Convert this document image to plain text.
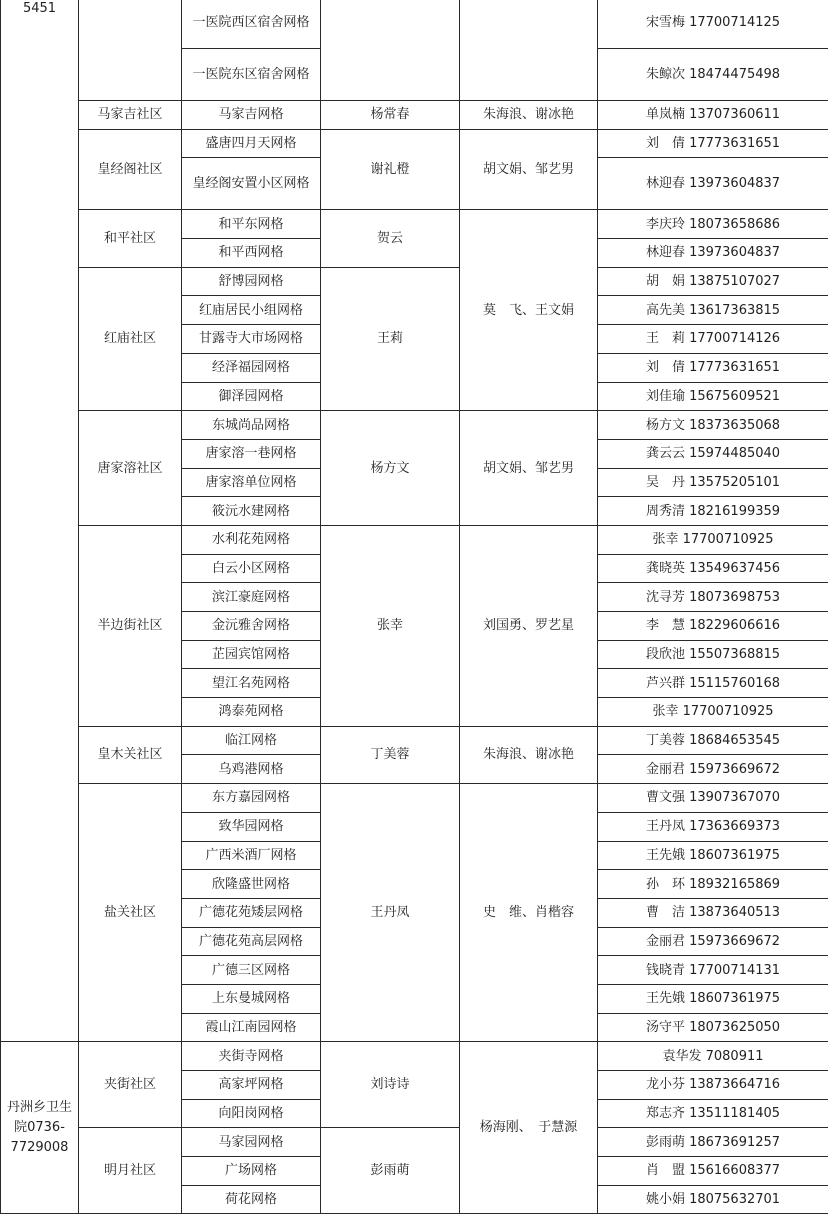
5451		一医院西区宿舍网格			宋雪梅 17700714125
		一医院东区宿舍网格			朱鲸次 18474475498
	马家吉社区	马家吉网格	杨常春	朱海浪、谢冰艳	单岚楠 13707360611
	皇经阁社区	盛唐四月天网格	谢礼橙	胡文娟、邹艺男	刘　倩 17773631651
		皇经阁安置小区网格			林迎春 13973604837
	和平社区	和平东网格	贺云	莫　飞、王文娟	李庆玲 18073658686
		和平西网格			林迎春 13973604837
	红庙社区	舒博园网格	王莉		胡　娟 13875107027
		红庙居民小组网格			高先美 13617363815
		甘露寺大市场网格			王　莉 17700714126
		经泽福园网格			刘　倩 17773631651
		御泽园网格			刘佳瑜 15675609521
	唐家溶社区	东城尚品网格	杨方文	胡文娟、邹艺男	杨方文 18373635068
		唐家溶一巷网格			龚云云 15974485040
		唐家溶单位网格			吴　丹 13575205101
		筱沅水建网格			周秀清 18216199359
	半边街社区	水利花苑网格	张幸	刘国勇、罗艺星	张幸 17700710925
		白云小区网格			龚晓英 13549637456
		滨江豪庭网格			沈寻芳 18073698753
		金沅雅舍网格			李　慧 18229606616
		芷园宾馆网格			段欣池 15507368815
		望江名苑网格			芦兴群 15115760168
		鸿泰苑网格			张幸 17700710925
	皇木关社区	临江网格	丁美蓉	朱海浪、谢冰艳	丁美蓉 18684653545
		乌鸡港网格			金丽君 15973669672
	盐关社区	东方嘉园网格	王丹凤	史　维、肖楷容	曹文强 13907367070
		致华园网格			王丹凤 17363669373
		广西米酒厂网格			王先娥 18607361975
		欣隆盛世网格			孙　环 18932165869
		广德花苑矮层网格			曹　洁 13873640513
		广德花苑高层网格			金丽君 15973669672
		广德三区网格			钱晓青 17700714131
		上东曼城网格			王先娥 18607361975
		霞山江南园网格			汤守平 18073625050
丹洲乡卫生院0736-7729008	夹街社区	夹街寺网格	刘诗诗	杨海刚、　于慧源	袁华发 7080911
		高家坪网格			龙小芬 13873664716
		向阳岗网格			郑志齐 13511181405
	明月社区	马家园网格	彭雨萌		彭雨萌 18673691257
		广场网格			肖　盟 15616608377
		荷花网格			姚小娟 18075632701
